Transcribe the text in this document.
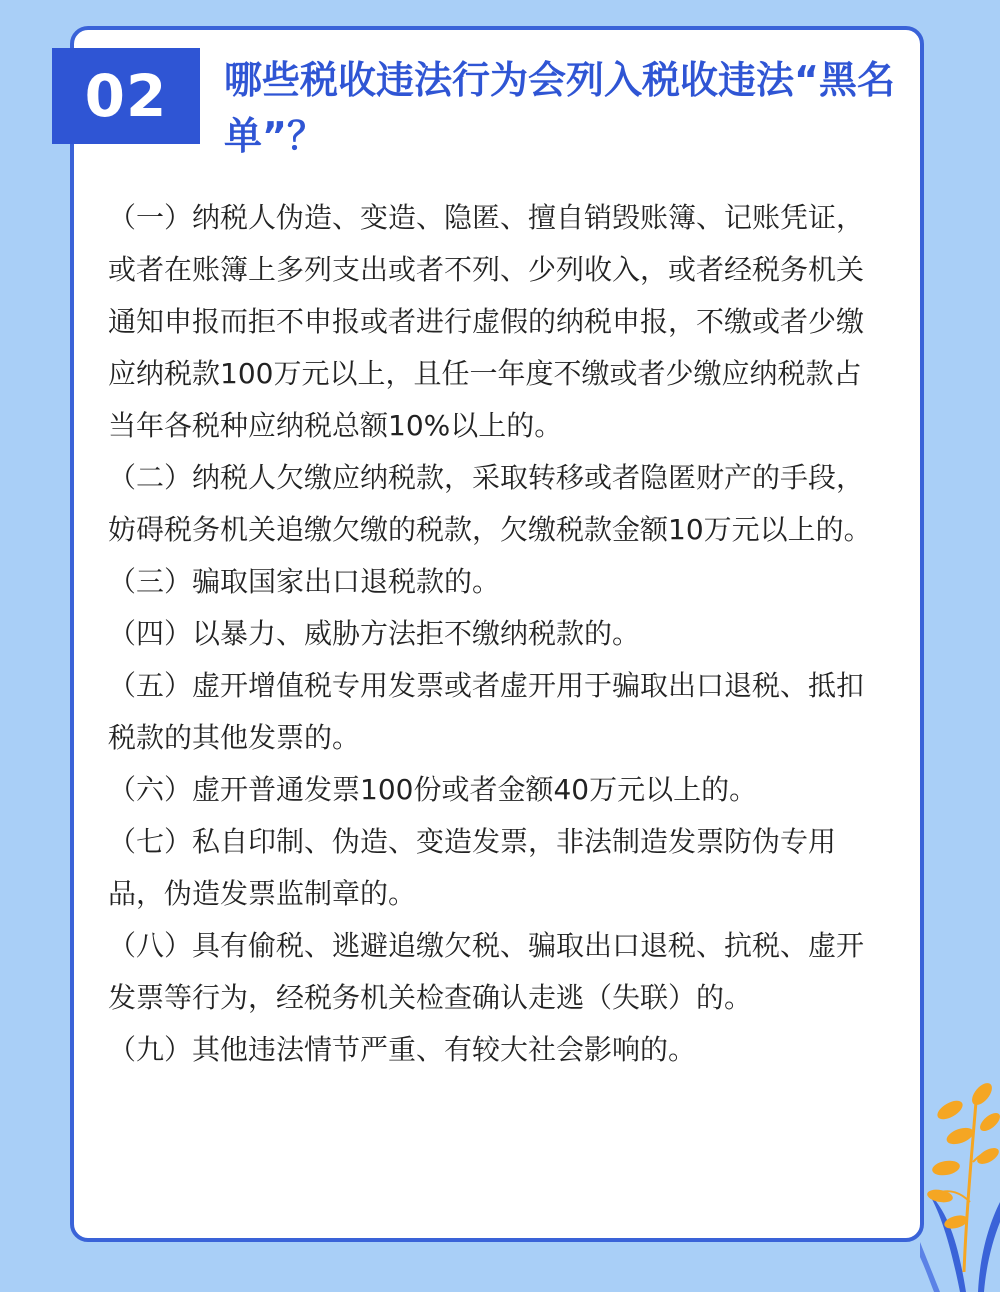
02	哪些税收违法行为会列入税收违法“黑名单”？

（一）纳税人伪造、变造、隐匿、擅自销毁账簿、记账凭证，或者在账簿上多列支出或者不列、少列收入，或者经税务机关通知申报而拒不申报或者进行虚假的纳税申报，不缴或者少缴应纳税款100万元以上，且任一年度不缴或者少缴应纳税款占当年各税种应纳税总额10%以上的。

（二）纳税人欠缴应纳税款，采取转移或者隐匿财产的手段，妨碍税务机关追缴欠缴的税款，欠缴税款金额10万元以上的。

（三）骗取国家出口退税款的。

（四）以暴力、威胁方法拒不缴纳税款的。

（五）虚开增值税专用发票或者虚开用于骗取出口退税、抵扣税款的其他发票的。

（六）虚开普通发票100份或者金额40万元以上的。

（七）私自印制、伪造、变造发票，非法制造发票防伪专用品，伪造发票监制章的。

（八）具有偷税、逃避追缴欠税、骗取出口退税、抗税、虚开发票等行为，经税务机关检查确认走逃（失联）的。

（九）其他违法情节严重、有较大社会影响的。
